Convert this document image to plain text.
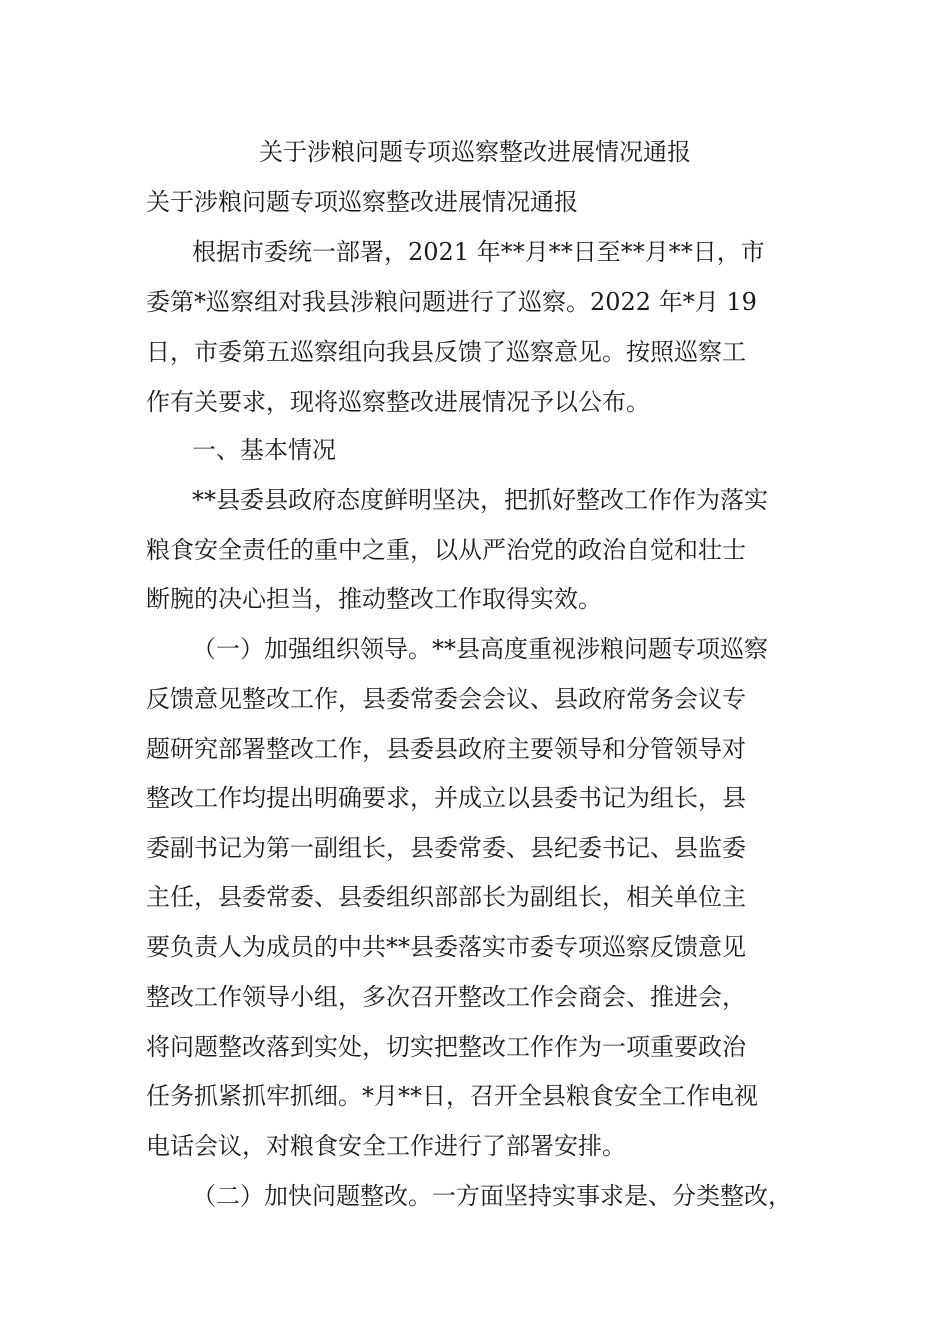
关于涉粮问题专项巡察整改进展情况通报
关于涉粮问题专项巡察整改进展情况通报
根据市委统一部署，2021 年**月**日至**月**日，市
委第*巡察组对我县涉粮问题进行了巡察。2022 年*月 19
日，市委第五巡察组向我县反馈了巡察意见。按照巡察工
作有关要求，现将巡察整改进展情况予以公布。
一、基本情况
**县委县政府态度鲜明坚决，把抓好整改工作作为落实
粮食安全责任的重中之重，以从严治党的政治自觉和壮士
断腕的决心担当，推动整改工作取得实效。
（一）加强组织领导。**县高度重视涉粮问题专项巡察
反馈意见整改工作，县委常委会会议、县政府常务会议专
题研究部署整改工作，县委县政府主要领导和分管领导对
整改工作均提出明确要求，并成立以县委书记为组长，县
委副书记为第一副组长，县委常委、县纪委书记、县监委
主任，县委常委、县委组织部部长为副组长，相关单位主
要负责人为成员的中共**县委落实市委专项巡察反馈意见
整改工作领导小组，多次召开整改工作会商会、推进会，
将问题整改落到实处，切实把整改工作作为一项重要政治
任务抓紧抓牢抓细。*月**日，召开全县粮食安全工作电视
电话会议，对粮食安全工作进行了部署安排。
（二）加快问题整改。一方面坚持实事求是、分类整改，
